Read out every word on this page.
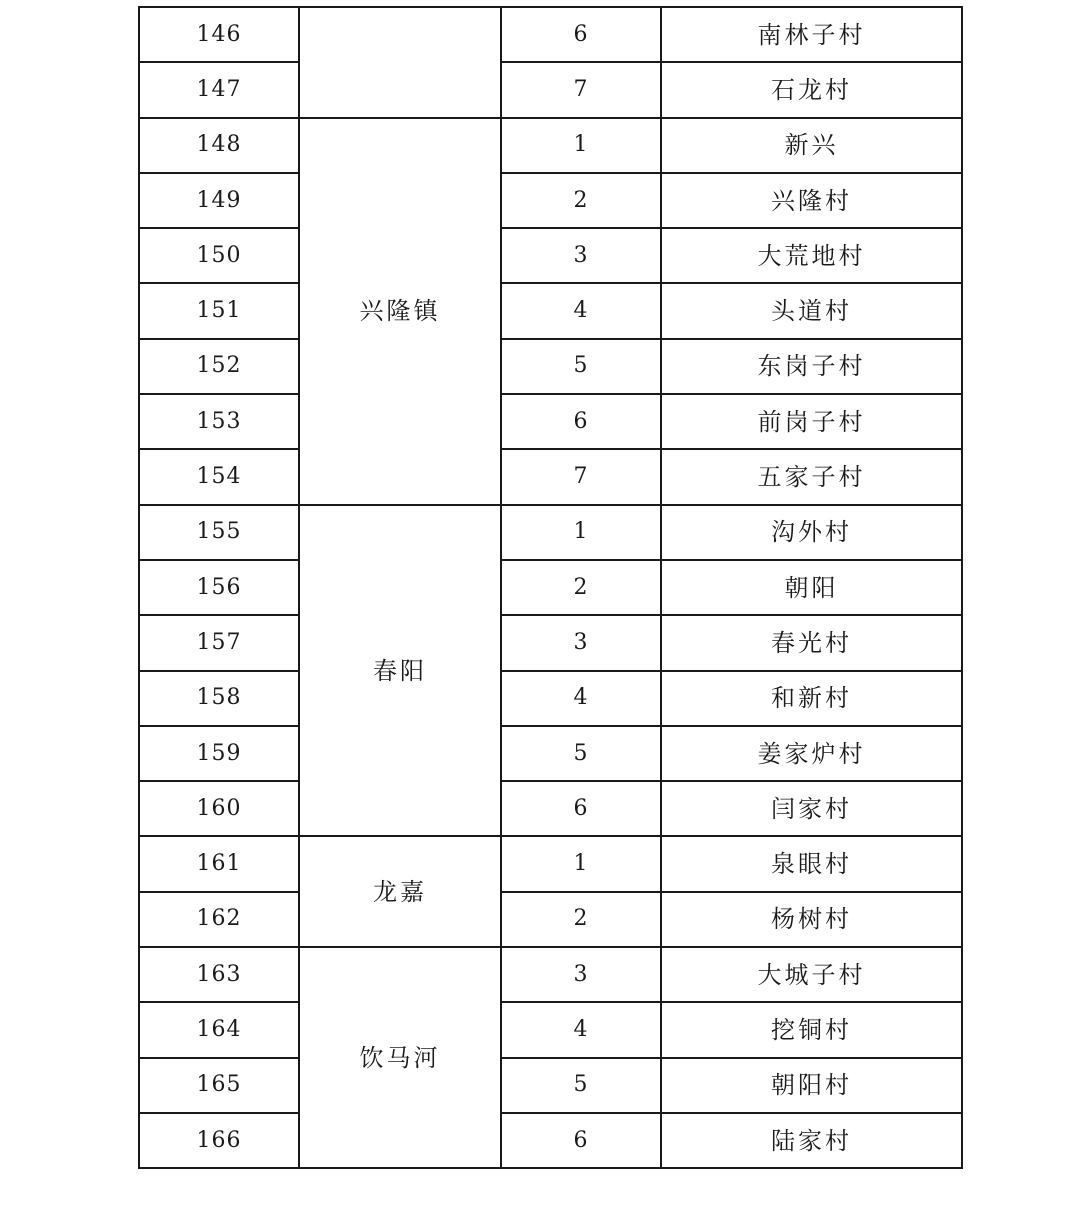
146		6	南林子村
147		7	石龙村
148	兴隆镇	1	新兴
149		2	兴隆村
150		3	大荒地村
151		4	头道村
152		5	东岗子村
153		6	前岗子村
154		7	五家子村
155	春阳	1	沟外村
156		2	朝阳
157		3	春光村
158		4	和新村
159		5	姜家炉村
160		6	闫家村
161	龙嘉	1	泉眼村
162		2	杨树村
163	饮马河	3	大城子村
164		4	挖铜村
165		5	朝阳村
166		6	陆家村
